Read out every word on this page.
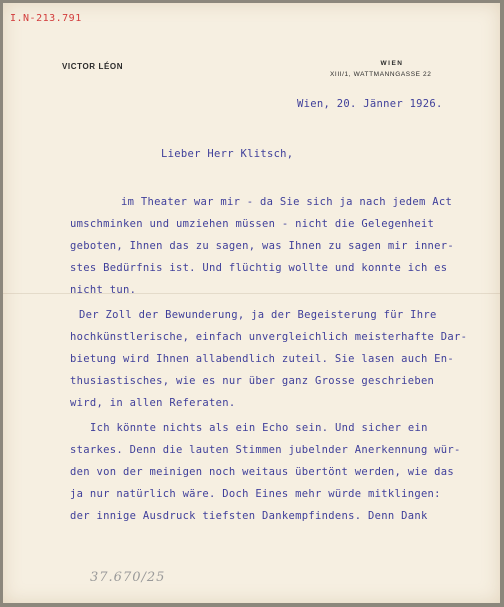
I.N-213.791
VICTOR LÉON	WIEN
XIII/1, WATTMANNGASSE 22
Wien, 20. Jänner 1926.
Lieber Herr Klitsch,
im Theater war mir - da Sie sich ja nach jedem Act
umschminken und umziehen müssen - nicht die Gelegenheit
geboten, Ihnen das zu sagen, was Ihnen zu sagen mir inner-
stes Bedürfnis ist. Und flüchtig wollte und konnte ich es
nicht tun.
Der Zoll der Bewunderung, ja der Begeisterung für Ihre
hochkünstlerische, einfach unvergleichlich meisterhafte Dar-
bietung wird Ihnen allabendlich zuteil. Sie lasen auch En-
thusiastisches, wie es nur über ganz Grosse geschrieben
wird, in allen Referaten.
Ich könnte nichts als ein Echo sein. Und sicher ein
starkes. Denn die lauten Stimmen jubelnder Anerkennung wür-
den von der meinigen noch weitaus übertönt werden, wie das
ja nur natürlich wäre. Doch Eines mehr würde mitklingen:
der innige Ausdruck tiefsten Dankempfindens. Denn Dank
37.670/25
